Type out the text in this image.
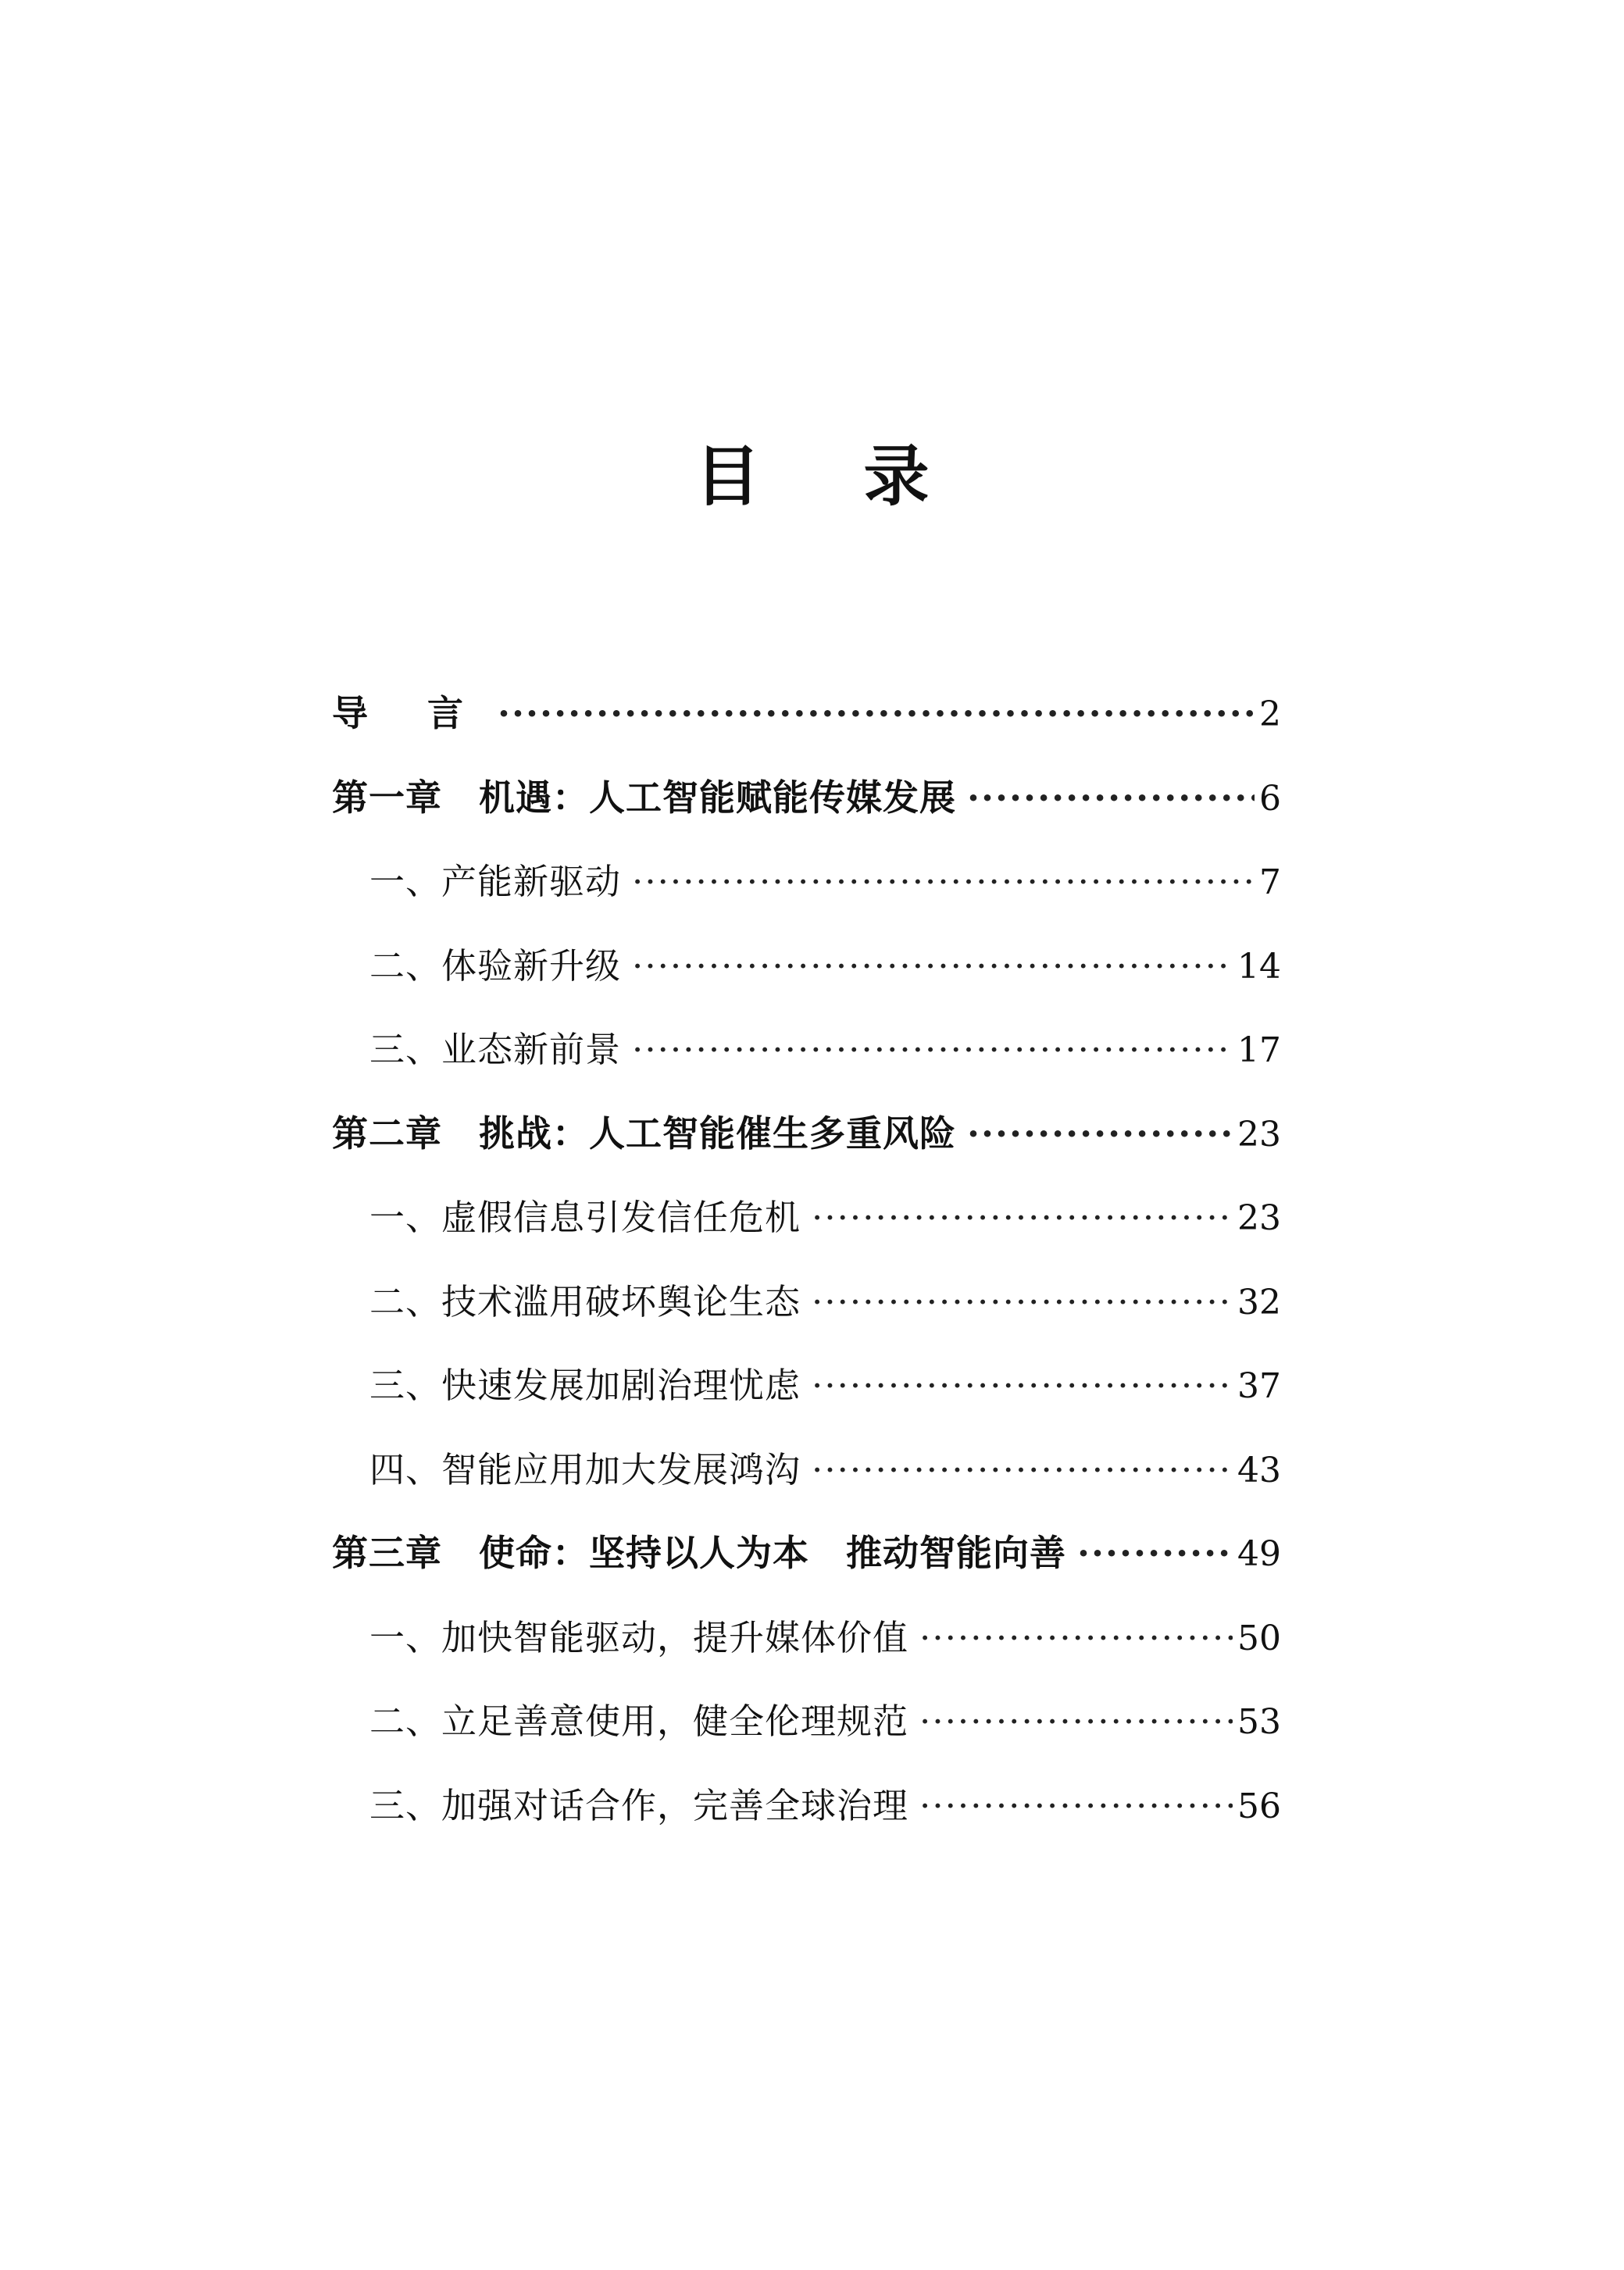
目 录
导 言 ·····	2
第一章　机遇：人工智能赋能传媒发展 ·····	6
一、产能新驱动 ·····	7
二、体验新升级 ·····	14
三、业态新前景 ·····	17
第二章　挑战：人工智能催生多重风险 ·····	23
一、虚假信息引发信任危机 ·····	23
二、技术滥用破坏舆论生态 ·····	32
三、快速发展加剧治理忧虑 ·····	37
四、智能应用加大发展鸿沟 ·····	43
第三章　使命：坚持以人为本　推动智能向善 ·····	49
一、加快智能驱动，提升媒体价值 ·····	50
二、立足善意使用，健全伦理规范 ·····	53
三、加强对话合作，完善全球治理 ·····	56
